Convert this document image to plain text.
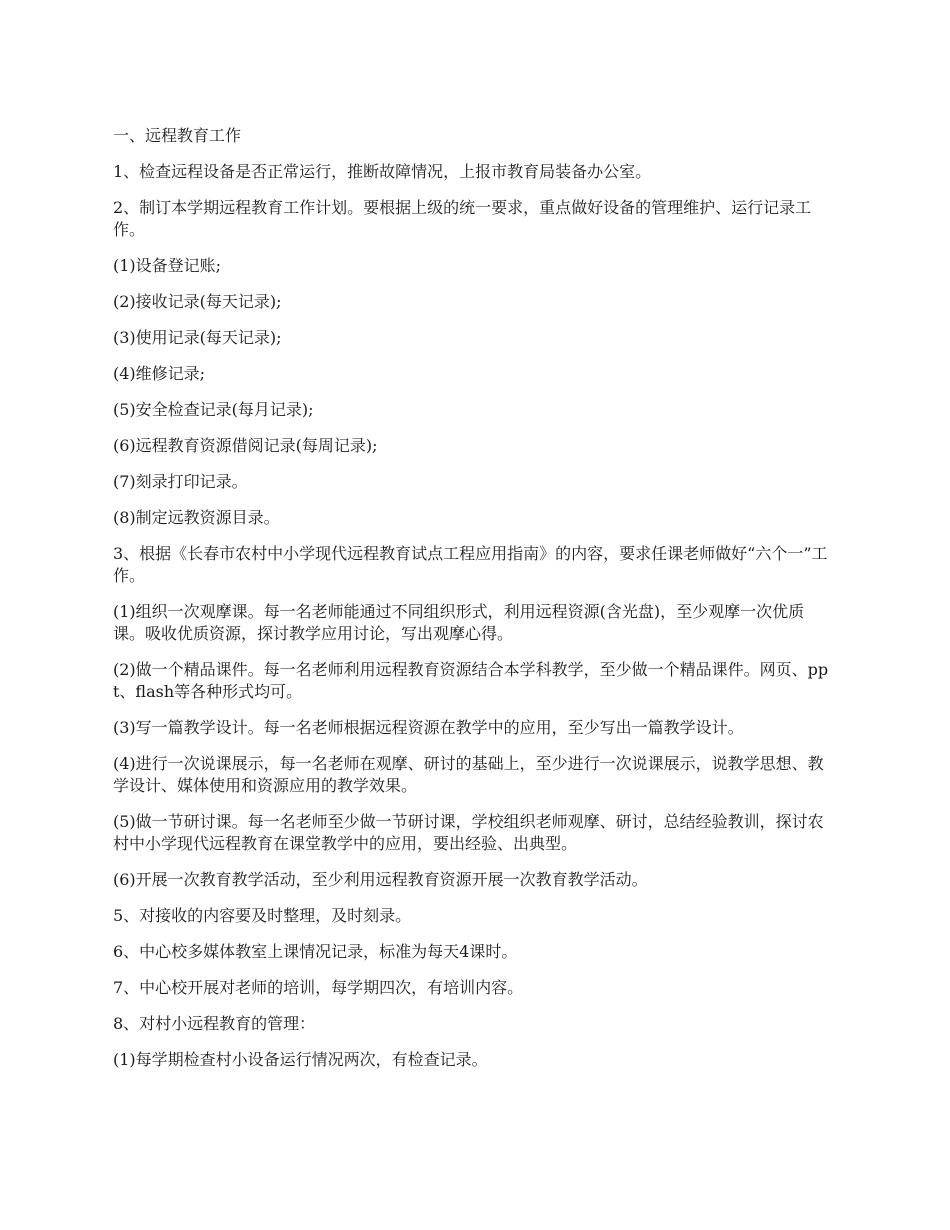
一、远程教育工作

1、检查远程设备是否正常运行，推断故障情况，上报市教育局装备办公室。

2、制订本学期远程教育工作计划。要根据上级的统一要求，重点做好设备的管理维护、运行记录工作。

(1)设备登记账;

(2)接收记录(每天记录);

(3)使用记录(每天记录);

(4)维修记录;

(5)安全检查记录(每月记录);

(6)远程教育资源借阅记录(每周记录);

(7)刻录打印记录。

(8)制定远教资源目录。

3、根据《长春市农村中小学现代远程教育试点工程应用指南》的内容，要求任课老师做好“六个一”工作。

(1)组织一次观摩课。每一名老师能通过不同组织形式，利用远程资源(含光盘)，至少观摩一次优质课。吸收优质资源，探讨教学应用讨论，写出观摩心得。

(2)做一个精品课件。每一名老师利用远程教育资源结合本学科教学，至少做一个精品课件。网页、ppt、flash等各种形式均可。

(3)写一篇教学设计。每一名老师根据远程资源在教学中的应用，至少写出一篇教学设计。

(4)进行一次说课展示，每一名老师在观摩、研讨的基础上，至少进行一次说课展示，说教学思想、教学设计、媒体使用和资源应用的教学效果。

(5)做一节研讨课。每一名老师至少做一节研讨课，学校组织老师观摩、研讨，总结经验教训，探讨农村中小学现代远程教育在课堂教学中的应用，要出经验、出典型。

(6)开展一次教育教学活动，至少利用远程教育资源开展一次教育教学活动。

5、对接收的内容要及时整理，及时刻录。

6、中心校多媒体教室上课情况记录，标准为每天4课时。

7、中心校开展对老师的培训，每学期四次，有培训内容。

8、对村小远程教育的管理：

(1)每学期检查村小设备运行情况两次，有检查记录。
